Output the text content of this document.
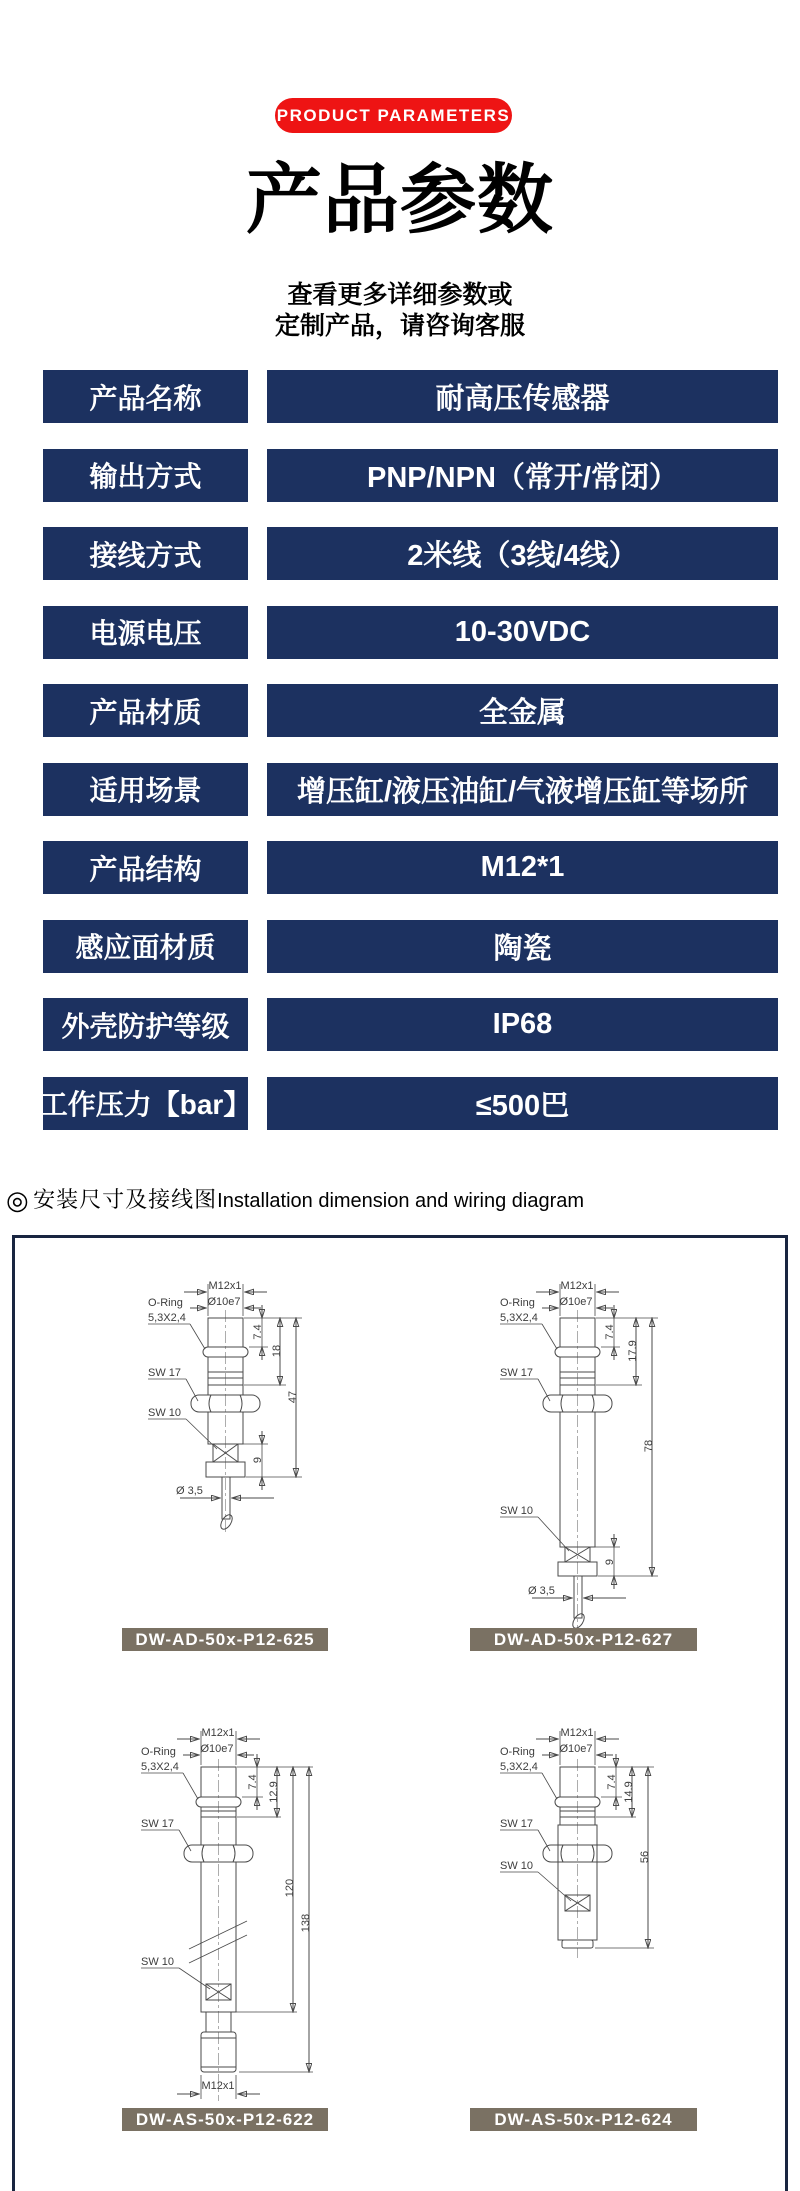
PRODUCT PARAMETERS
产品参数
查看更多详细参数或
定制产品，请咨询客服
产品名称	耐高压传感器
输出方式	PNP/NPN（常开/常闭）
接线方式	2米线（3线/4线）
电源电压	10-30VDC
产品材质	全金属
适用场景	增压缸/液压油缸/气液增压缸等场所
产品结构	M12*1
感应面材质	陶瓷
外壳防护等级	IP68
工作压力【bar】	≤500巴
◎ 安装尺寸及接线图Installation dimension and wiring diagram
M12x1
Ø10e7
O-Ring
5,3X2,4
SW 17
SW 10
Ø 3,5
7.4
18
47
9
DW-AD-50x-P12-625
M12x1
Ø10e7
O-Ring
5,3X2,4
SW 17
SW 10
Ø 3,5
7.4
17.9
78
9
DW-AD-50x-P12-627
M12x1
Ø10e7
M12x1
O-Ring
5,3X2,4
SW 17
SW 10
7.4 12.9
120
138
DW-AS-50x-P12-622
M12x1
Ø10e7
O-Ring
5,3X2,4
SW 17
SW 10
7.4 14.9
56
DW-AS-50x-P12-624
